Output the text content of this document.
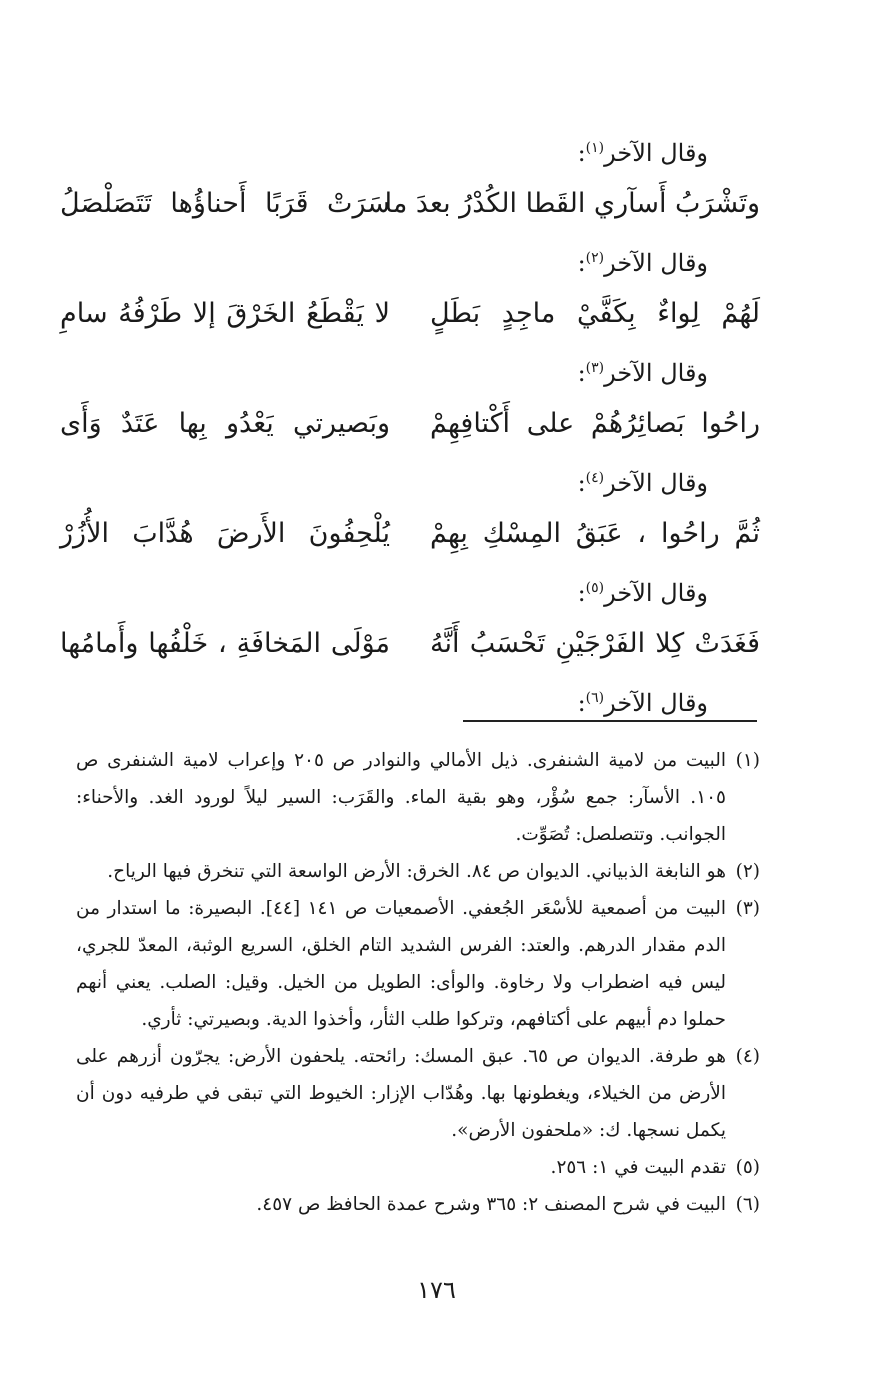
وقال الآخر$^{(١)}$:
وتَشْرَبُ أَسآري القَطا الكُدْرُ بعدَ ما
سَرَتْ قَرَبًا أَحناؤُها تَتَصَلْصَلُ
وقال الآخر$^{(٢)}$:
لَهُمْ لِواءٌ بِكَفَّيْ ماجِدٍ بَطَلٍ
لا يَقْطَعُ الخَرْقَ إلا طَرْفُهُ سامِ
وقال الآخر$^{(٣)}$:
راحُوا بَصائِرُهُمْ على أَكْتافِهِمْ
وبَصيرتي يَعْدُو بِها عَتَدٌ وَأَى
وقال الآخر$^{(٤)}$:
ثُمَّ راحُوا ، عَبَقُ المِسْكِ بِهِمْ
يُلْحِفُونَ الأَرضَ هُدَّابَ الأُزُرْ
وقال الآخر$^{(٥)}$:
فَغَدَتْ كِلا الفَرْجَيْنِ تَحْسَبُ أَنَّهُ
مَوْلَى المَخافَةِ ، خَلْفُها وأَمامُها
وقال الآخر$^{(٦)}$:
(١)
البيت من لامية الشنفرى. ذيل الأمالي والنوادر ص ٢٠٥ وإعراب لامية الشنفرى ص ١٠٥. الأسآر: جمع سُؤْر، وهو بقية الماء. والقَرَب: السير ليلاً لورود الغد. والأحناء: الجوانب. وتتصلصل: تُصَوِّت.
(٢)
هو النابغة الذبياني. الديوان ص ٨٤. الخرق: الأرض الواسعة التي تنخرق فيها الرياح.
(٣)
البيت من أصمعية للأسْعَر الجُعفي. الأصمعيات ص ١٤١ [٤٤]. البصيرة: ما استدار من الدم مقدار الدرهم. والعتد: الفرس الشديد التام الخلق، السريع الوثبة، المعدّ للجري، ليس فيه اضطراب ولا رخاوة. والوأى: الطويل من الخيل. وقيل: الصلب. يعني أنهم حملوا دم أبيهم على أكتافهم، وتركوا طلب الثأر، وأخذوا الدية. وبصيرتي: ثأري.
(٤)
هو طرفة. الديوان ص ٦٥. عبق المسك: رائحته. يلحفون الأرض: يجرّون أزرهم على الأرض من الخيلاء، ويغطونها بها. وهُدّاب الإزار: الخيوط التي تبقى في طرفيه دون أن يكمل نسجها. ك: «ملحفون الأرض».
(٥)
تقدم البيت في ١: ٢٥٦.
(٦)
البيت في شرح المصنف ٢: ٣٦٥ وشرح عمدة الحافظ ص ٤٥٧.
١٧٦
